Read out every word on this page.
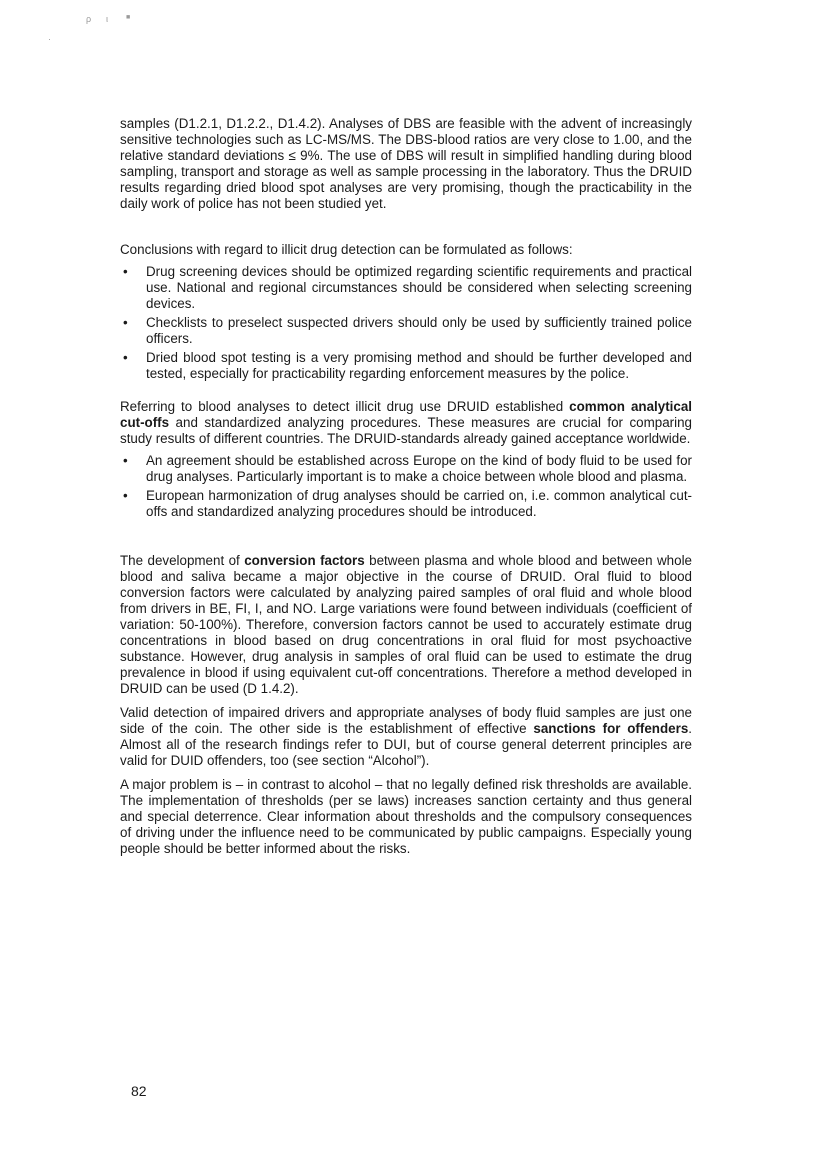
ρ ι	■
·

samples (D1.2.1, D1.2.2., D1.4.2). Analyses of DBS are feasible with the advent of increasingly sensitive technologies such as LC-MS/MS. The DBS-blood ratios are very close to 1.00, and the relative standard deviations ≤ 9%. The use of DBS will result in simplified handling during blood sampling, transport and storage as well as sample processing in the laboratory. Thus the DRUID results regarding dried blood spot analyses are very promising, though the practicability in the daily work of police has not been studied yet.

Conclusions with regard to illicit drug detection can be formulated as follows:

• Drug screening devices should be optimized regarding scientific requirements and practical use. National and regional circumstances should be considered when selecting screening devices.
• Checklists to preselect suspected drivers should only be used by sufficiently trained police officers.
• Dried blood spot testing is a very promising method and should be further developed and tested, especially for practicability regarding enforcement measures by the police.

Referring to blood analyses to detect illicit drug use DRUID established common analytical cut-offs and standardized analyzing procedures. These measures are crucial for comparing study results of different countries. The DRUID-standards already gained acceptance worldwide.

• An agreement should be established across Europe on the kind of body fluid to be used for drug analyses. Particularly important is to make a choice between whole blood and plasma.
• European harmonization of drug analyses should be carried on, i.e. common analytical cut-offs and standardized analyzing procedures should be introduced.

The development of conversion factors between plasma and whole blood and between whole blood and saliva became a major objective in the course of DRUID. Oral fluid to blood conversion factors were calculated by analyzing paired samples of oral fluid and whole blood from drivers in BE, FI, I, and NO. Large variations were found between individuals (coefficient of variation: 50-100%). Therefore, conversion factors cannot be used to accurately estimate drug concentrations in blood based on drug concentrations in oral fluid for most psychoactive substance. However, drug analysis in samples of oral fluid can be used to estimate the drug prevalence in blood if using equivalent cut-off concentrations. Therefore a method developed in DRUID can be used (D 1.4.2).

Valid detection of impaired drivers and appropriate analyses of body fluid samples are just one side of the coin. The other side is the establishment of effective sanctions for offenders. Almost all of the research findings refer to DUI, but of course general deterrent principles are valid for DUID offenders, too (see section “Alcohol”).

A major problem is – in contrast to alcohol – that no legally defined risk thresholds are available. The implementation of thresholds (per se laws) increases sanction certainty and thus general and special deterrence. Clear information about thresholds and the compulsory consequences of driving under the influence need to be communicated by public campaigns. Especially young people should be better informed about the risks.

82
